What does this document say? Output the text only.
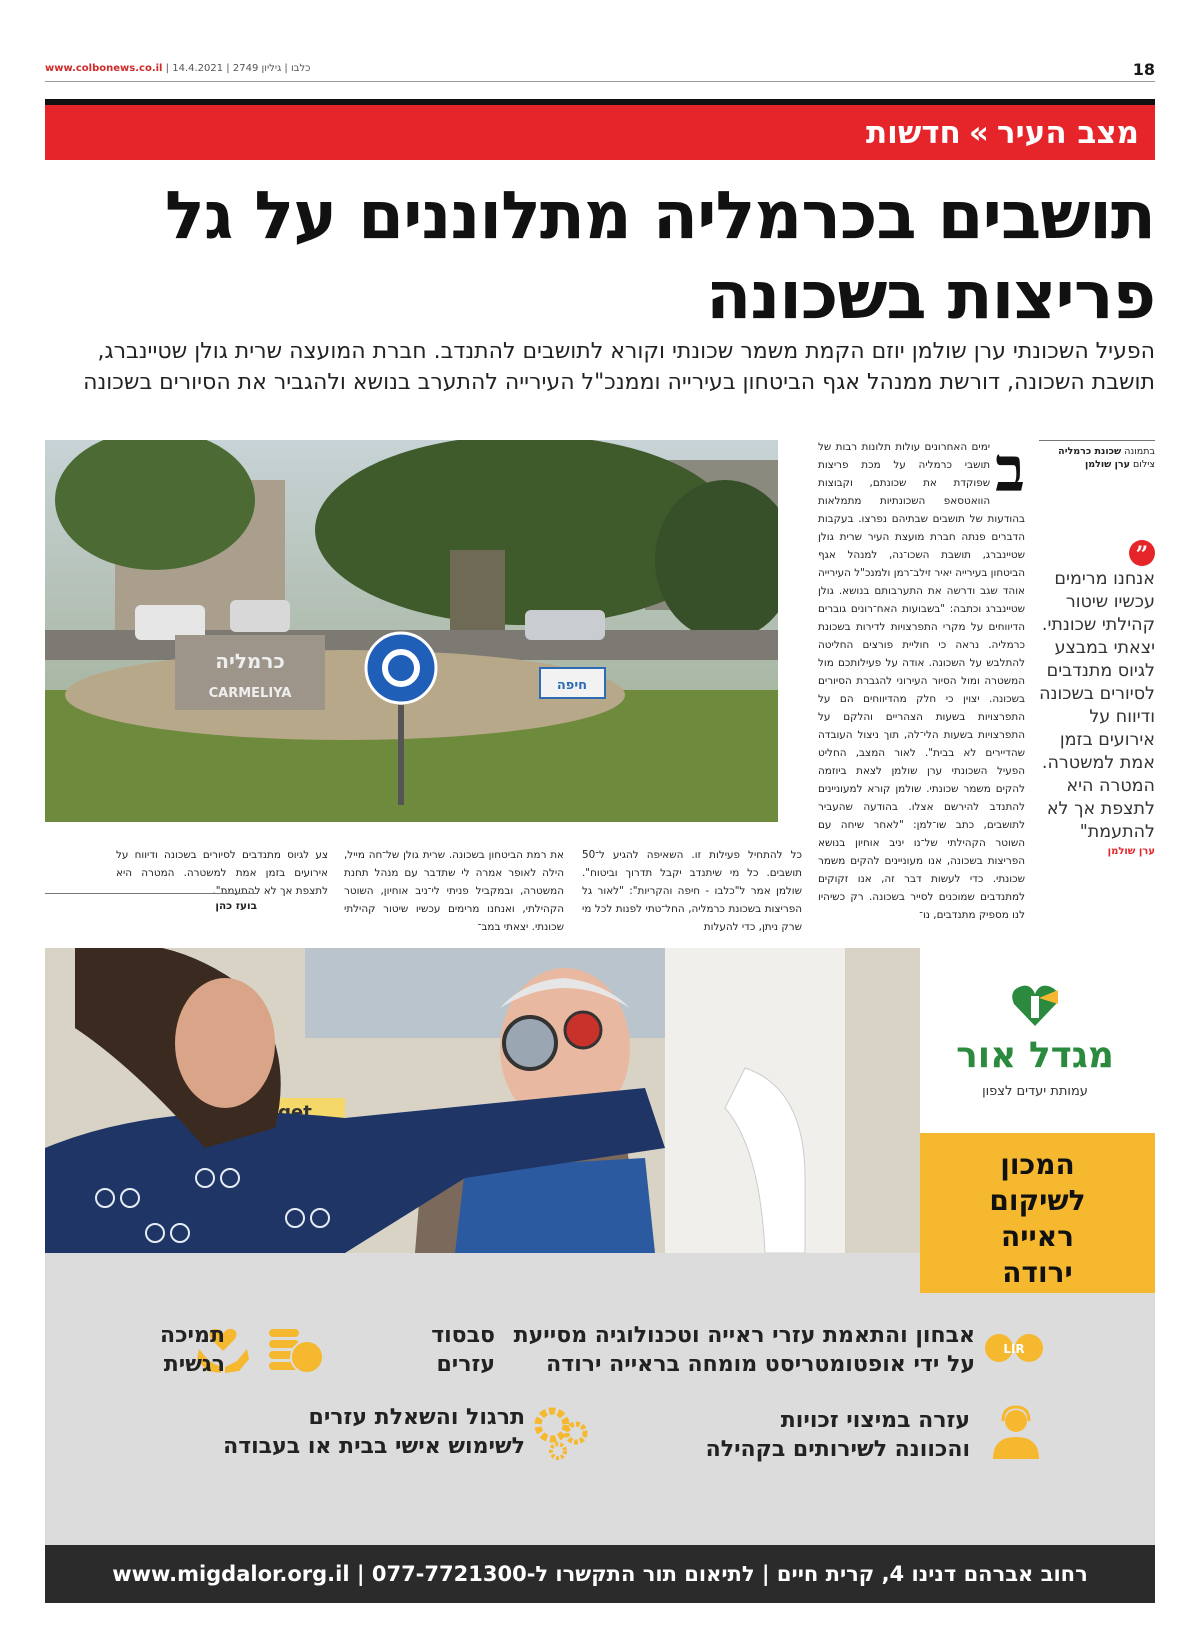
18
www.colbonews.co.il | כלבו | גיליון 2749 | 14.4.2021
מצב העיר»חדשות
תושבים בכרמליה מתלוננים על גל פריצות בשכונה

הפעיל השכונתי ערן שולמן יוזם הקמת משמר שכונתי וקורא לתושבים להתנדב. חברת המועצה שרית גולן שטיינברג, תושבת השכונה, דורשת ממנהל אגף הביטחון בעירייה וממנכ"ל העירייה להתערב בנושא ולהגביר את הסיורים בשכונה

כרמליה
CARMELIYA
חיפה
בתמונה שכונת כרמליה
צילום ערן שולמן
”
אנחנו מרימים עכשיו שיטור קהילתי שכונתי. יצאתי במבצע לגיוס מתנדבים לסיורים בשכונה ודיווח על אירועים בזמן אמת למשטרה. המטרה היא לתצפת אך לא להתעמת"
ערן שולמן
ב
ימים האחרונים עולות תלונות רבות של תושבי כרמליה על מכת פריצות שפוקדת את שכונתם, וקבוצות הוואטסאפ השכונתיות מתמלאות בהודעות של תושבים שבתיהם נפרצו. בעקבות הדברים פנתה חברת מועצת העיר שרית גולן שטיינברג, תושבת השכו־נה, למנהל אגף הביטחון בעירייה יאיר זילב־רמן ולמנכ"ל העירייה אוהד שגב ודרשה את התערבותם בנושא. גולן שטיינברג וכתבה: "בשבועות האח־רונים גוברים הדיווחים על מקרי התפרצויות לדירות בשכונת כרמליה. נראה כי חוליית פורצים החליטה להתלבש על השכונה. אודה על פעילותכם מול המשטרה ומול הסיור העירוני להגברת הסיורים בשכונה. יצוין כי חלק מהדיווחים הם על התפרצויות בשעות הצהריים והלקם על התפרצויות בשעות הלי־לה, תוך ניצול העובדה שהדיירים לא בבית". לאור המצב, החליט הפעיל השכונתי ערן שולמן לצאת ביוזמה להקים משמר שכונתי. שולמן קורא למעוניינים להתנדב להירשם אצלו. בהודעה שהעביר לתושבים, כתב שו־למן: "לאחר שיחה עם השוטר הקהילתי של־נו יניב אוחיון בנושא הפריצות בשכונה, אנו מעוניינים להקים משמר שכונתי. כדי לעשות דבר זה, אנו זקוקים למתנדבים שמוכנים לסייר בשכונה. רק כשיהיו לנו מספיק מתנדבים, נו־
כל להתחיל פעילות זו. השאיפה להגיע ל־50 תושבים. כל מי שיתנדב יקבל תדרוך וביטוח". שולמן אמר ל"כלבו - חיפה והקריות": "לאור גל הפריצות בשכונת כרמליה, החל־טתי לפנות לכל מי שרק ניתן, כדי להעלות
את רמת הביטחון בשכונה. שרית גולן של־חה מייל, הילה לאופר אמרה לי שתדבר עם מנהל תחנת המשטרה, ובמקביל פניתי לי־ניב אוחיון, השוטר הקהילתי, ואנחנו מרימים עכשיו שיטור קהילתי שכונתי. יצאתי במב־
צע לגיוס מתנדבים לסיורים בשכונה ודיווח על אירועים בזמן אמת למשטרה. המטרה היא לתצפת אך לא להתעמת".
בועז כהן
get
מגדל אור
עמותת יעדים לצפון
המכון
לשיקום
ראייה
ירודה
LIR
אבחון והתאמת עזרי ראייה וטכנולוגיה מסייעת
על ידי אופטומטריסט מומחה בראייה ירודה
סבסוד
עזרים
תמיכה
רגשית
עזרה במיצוי זכויות
והכוונה לשירותים בקהילה
תרגול והשאלת עזרים
לשימוש אישי בבית או בעבודה
רחוב אברהם דנינו 4, קרית חיים | לתיאום תור התקשרו ל-077-7721300 | www.migdalor.org.il
